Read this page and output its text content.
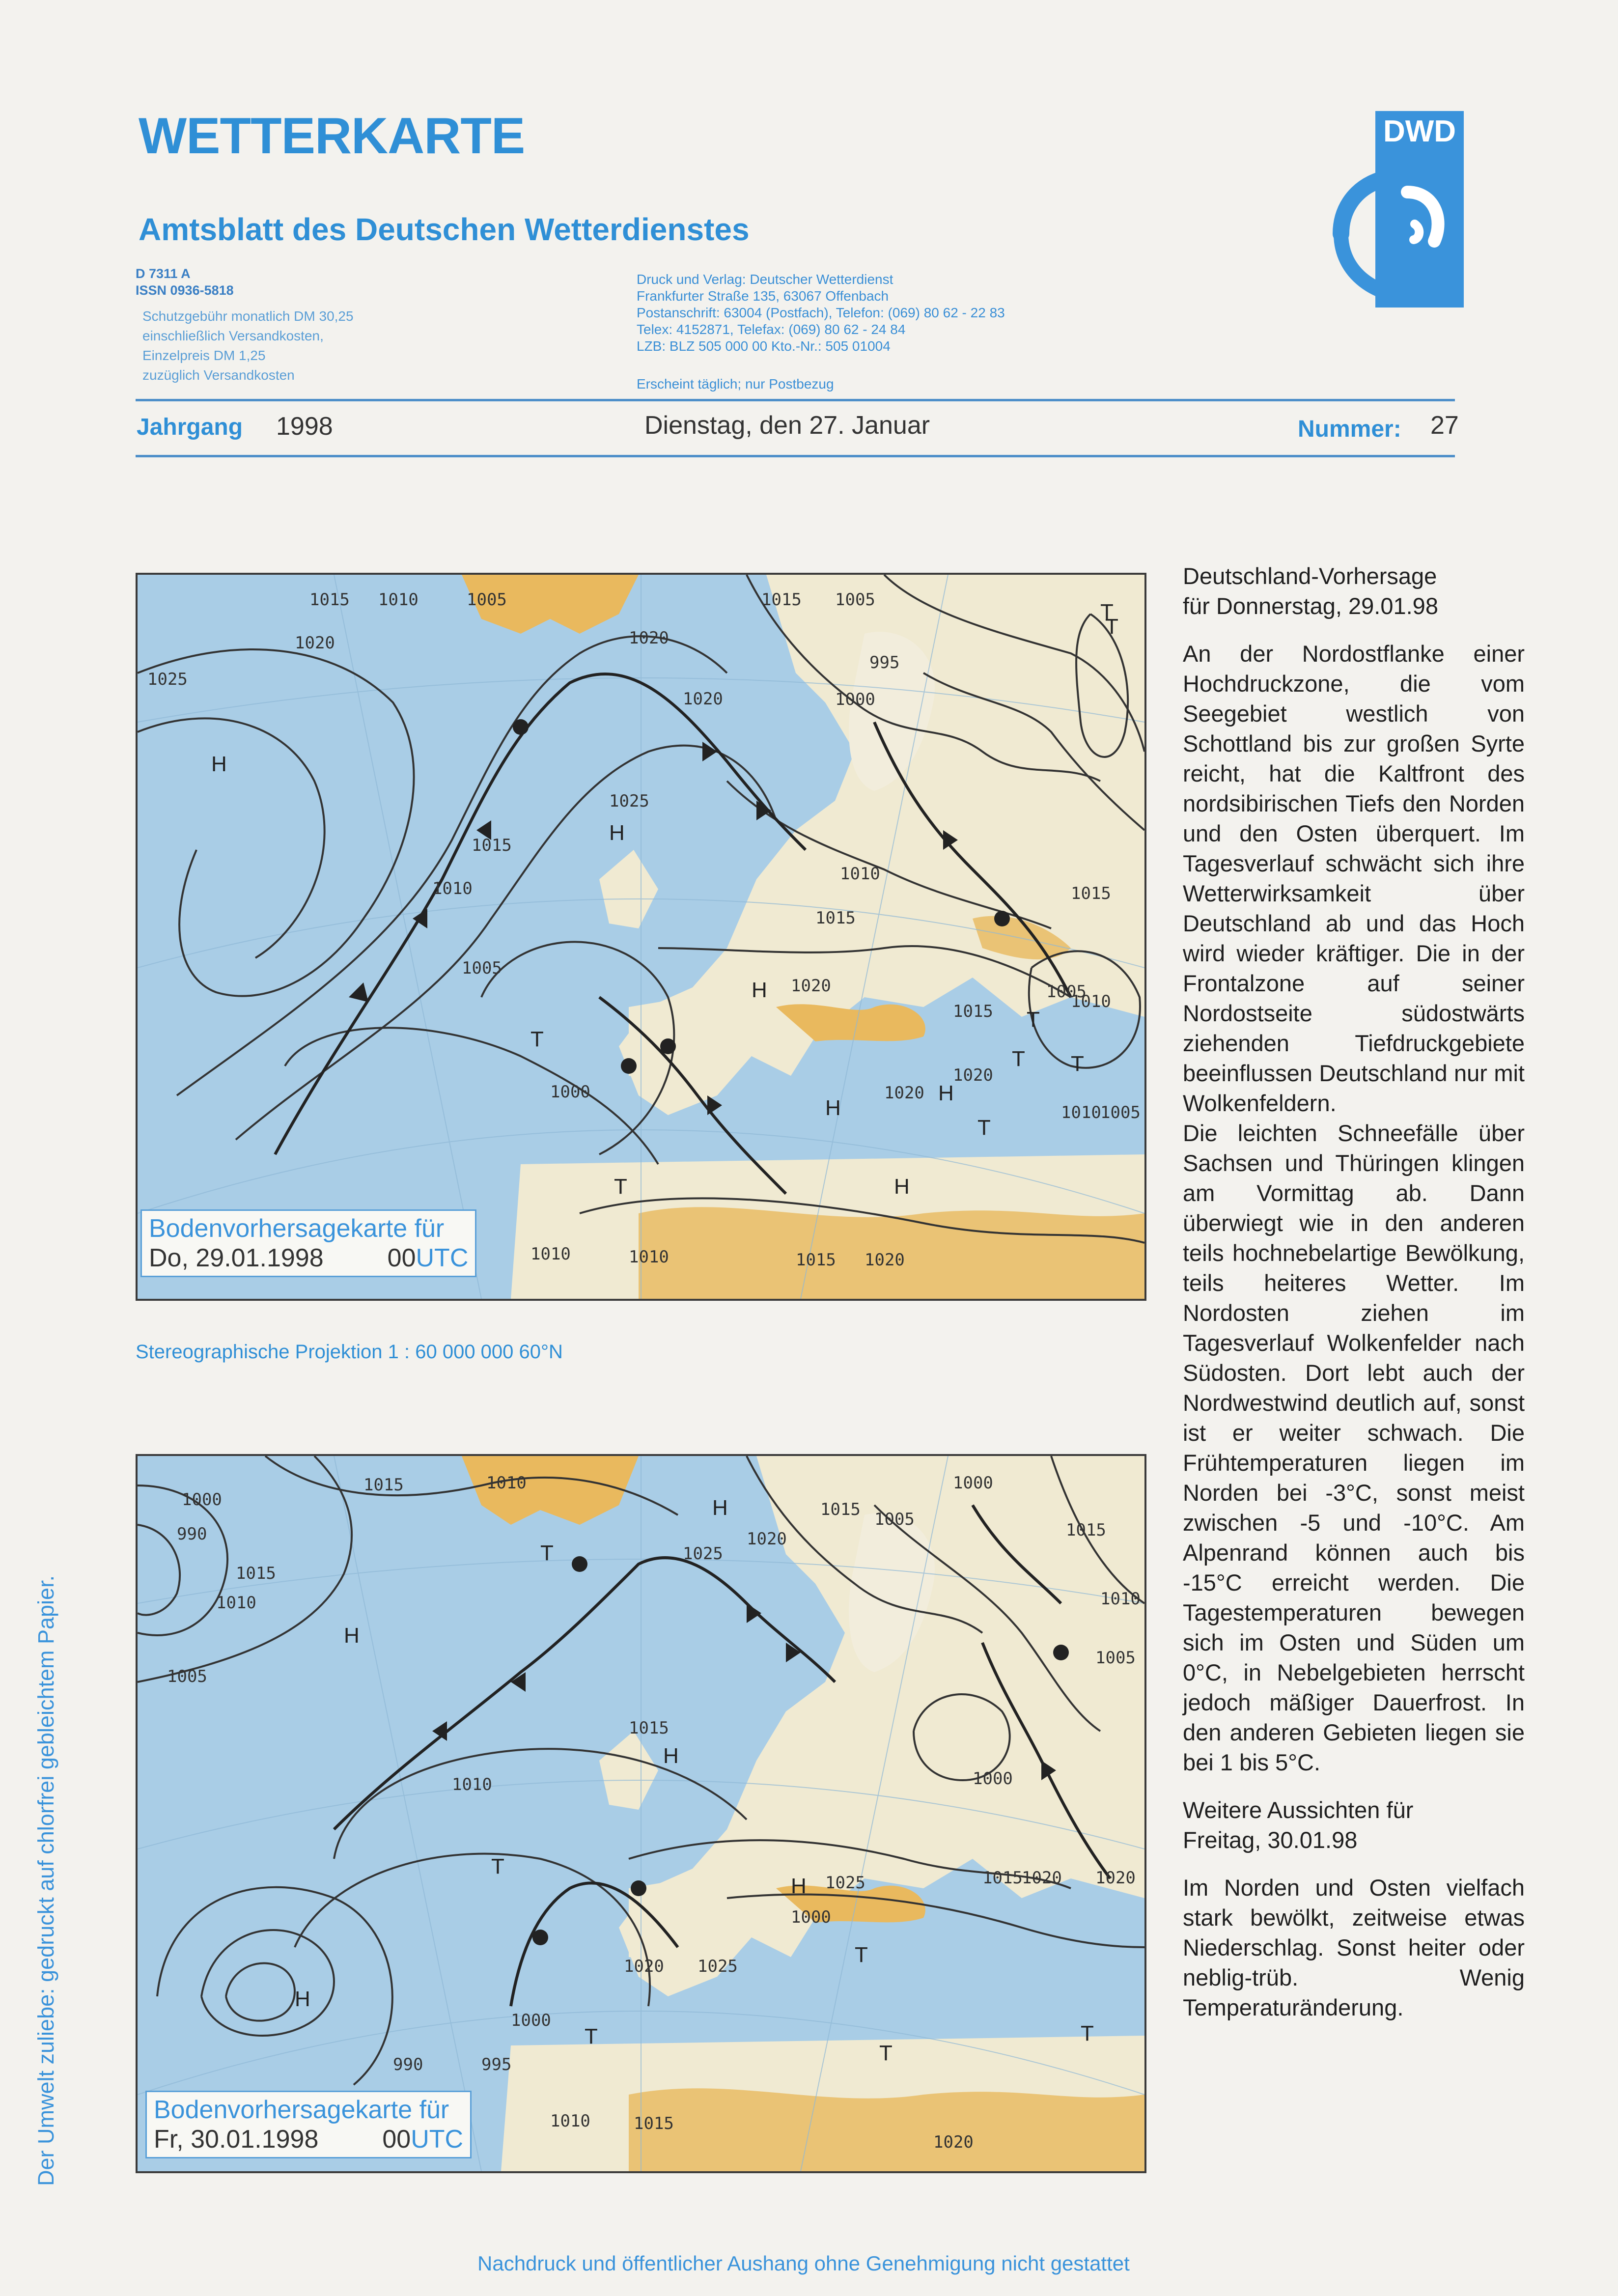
WETTERKARTE
Amtsblatt des Deutschen Wetterdienstes
D 7311 A
ISSN 0936-5818
Schutzgebühr monatlich DM 30,25
einschließlich Versandkosten,
Einzelpreis DM 1,25
zuzüglich Versandkosten
Druck und Verlag: Deutscher Wetterdienst
Frankfurter Straße 135, 63067 Offenbach
Postanschrift: 63004 (Postfach), Telefon: (069) 80 62 - 22 83
Telex: 4152871, Telefax: (069) 80 62 - 24 84
LZB: BLZ 505 000 00 Kto.-Nr.: 505 01004
Erscheint täglich; nur Postbezug
DWD
Jahrgang 1998	Dienstag, den 27. Januar	Nummer: 27
1015 1010	1005
1025
1020
1015 1005
1020
995
1000
1020
1025
1015
1010
1005
1010
1015
1020
1015	1010
1005
1010
1005
1000
1020
1015
1020
1010	1010	1015 1020
H
H
H
T
T
T
H
H
T
T
T
T
H
T
Bodenvorhersagekarte für
Do, 29.01.1998	00UTC
Stereographische Projektion 1 : 60 000 000 60°N
1000
990
1015
1010
1005
1015	1010
1025
1020
1015 1005
1000
1015
1010
1020
1015
1010
1025
1000
1005
1000
1020
1015
1020
1025
990	995
1000
1010	1015
1020
H
T
H
T
H
T
H
T
H
T
T
Bodenvorhersagekarte für
Fr, 30.01.1998	00UTC

Deutschland-Vorhersage
für Donnerstag, 29.01.98

An der Nordostflanke einer Hochdruckzone, die vom Seegebiet westlich von Schottland bis zur großen Syrte reicht, hat die Kaltfront des nordsibirischen Tiefs den Norden und den Osten überquert. Im Tagesverlauf schwächt sich ihre Wetterwirksamkeit über Deutschland ab und das Hoch wird wieder kräftiger. Die in der Frontalzone auf seiner Nordostseite südostwärts ziehenden Tiefdruckgebiete beeinflussen Deutschland nur mit Wolkenfeldern.

Die leichten Schneefälle über Sachsen und Thüringen klingen am Vormittag ab. Dann überwiegt wie in den anderen teils hochnebelartige Bewölkung, teils heiteres Wetter. Im Nordosten ziehen im Tagesverlauf Wolkenfelder nach Südosten. Dort lebt auch der Nordwestwind deutlich auf, sonst ist er weiter schwach. Die Frühtemperaturen liegen im Norden bei -3°C, sonst meist zwischen -5 und -10°C. Am Alpenrand können auch bis -15°C erreicht werden. Die Tagestemperaturen bewegen sich im Osten und Süden um 0°C, in Nebelgebieten herrscht jedoch mäßiger Dauerfrost. In den anderen Gebieten liegen sie bei 1 bis 5°C.

Weitere Aussichten für
Freitag, 30.01.98

Im Norden und Osten vielfach stark bewölkt, zeitweise etwas Niederschlag. Sonst heiter oder neblig-trüb. Wenig Temperaturänderung.

Der Umwelt zuliebe: gedruckt auf chlorfrei gebleichtem Papier.
Nachdruck und öffentlicher Aushang ohne Genehmigung nicht gestattet
